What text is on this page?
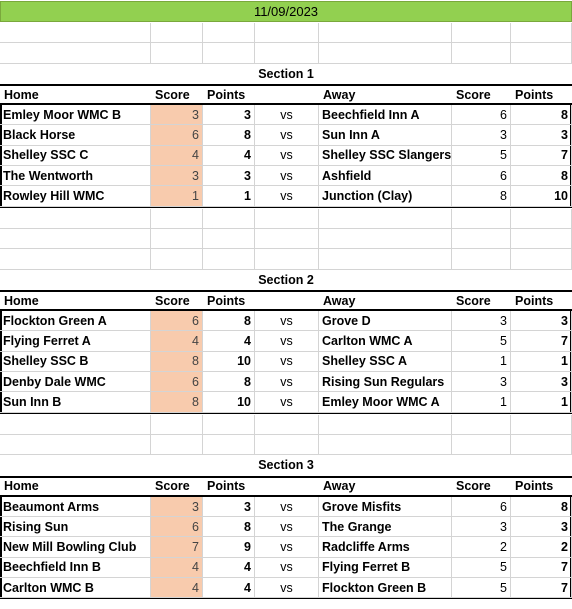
11/09/2023
Section 1
Home	Score	Points	Away	Score	Points
Emley Moor WMC B	3	3	vs	Beechfield Inn A	6	8
Black Horse	6	8	vs	Sun Inn A	3	3
Shelley SSC C	4	4	vs	Shelley SSC Slangers	5	7
The Wentworth	3	3	vs	Ashfield	6	8
Rowley Hill WMC	1	1	vs	Junction (Clay)	8	10
Section 2
Home	Score	Points	Away	Score	Points
Flockton Green A	6	8	vs	Grove D	3	3
Flying Ferret A	4	4	vs	Carlton WMC A	5	7
Shelley SSC B	8	10	vs	Shelley SSC A	1	1
Denby Dale WMC	6	8	vs	Rising Sun Regulars	3	3
Sun Inn B	8	10	vs	Emley Moor WMC A	1	1
Section 3
Home	Score	Points	Away	Score	Points
Beaumont Arms	3	3	vs	Grove Misfits	6	8
Rising Sun	6	8	vs	The Grange	3	3
New Mill Bowling Club	7	9	vs	Radcliffe Arms	2	2
Beechfield Inn B	4	4	vs	Flying Ferret B	5	7
Carlton WMC B	4	4	vs	Flockton Green B	5	7
